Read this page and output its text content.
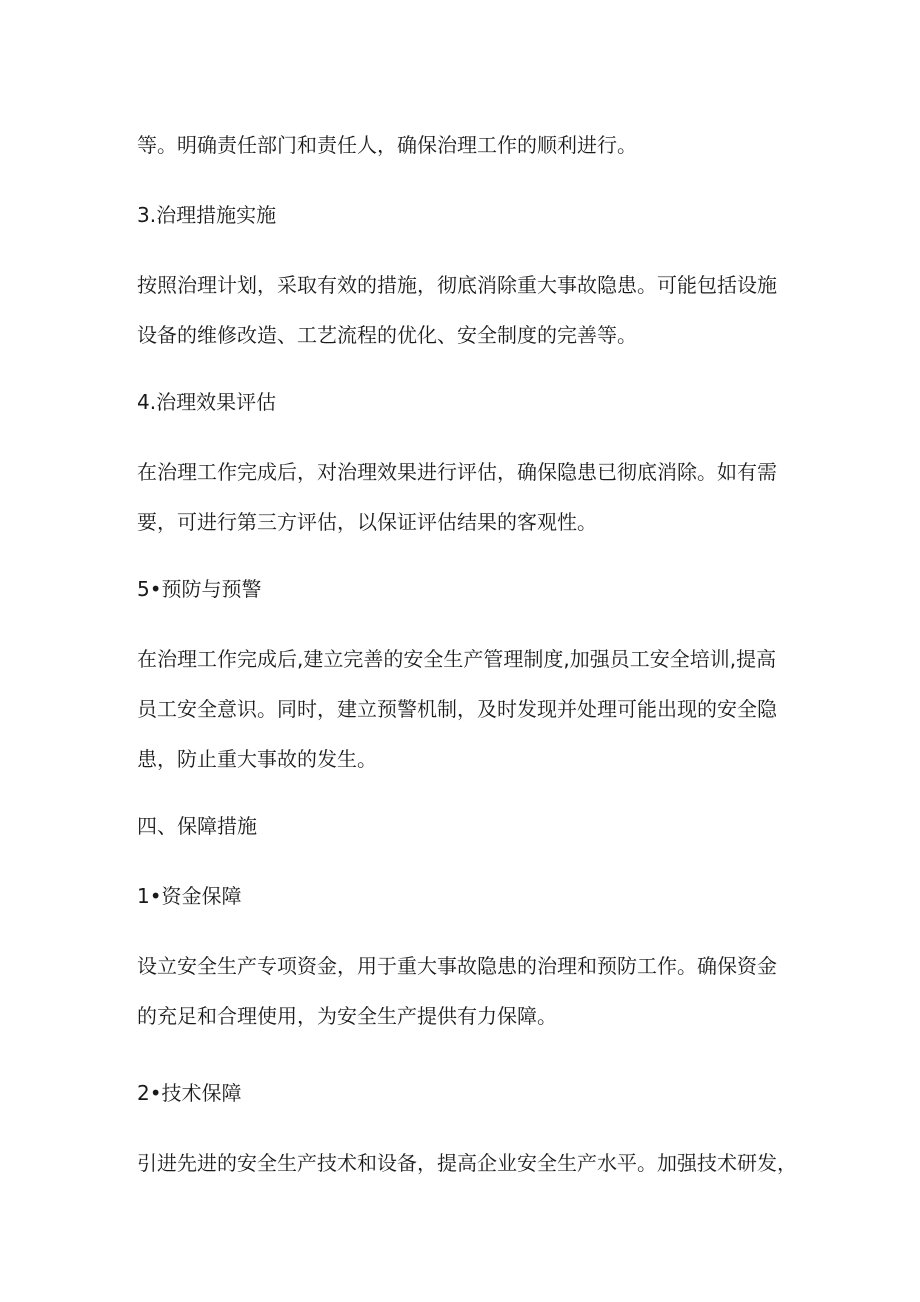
等。明确责任部门和责任人，确保治理工作的顺利进行。

3.治理措施实施

按照治理计划，采取有效的措施，彻底消除重大事故隐患。可能包括设施
设备的维修改造、工艺流程的优化、安全制度的完善等。

4.治理效果评估

在治理工作完成后，对治理效果进行评估，确保隐患已彻底消除。如有需
要，可进行第三方评估，以保证评估结果的客观性。

5•预防与预警

在治理工作完成后,建立完善的安全生产管理制度,加强员工安全培训,提高
员工安全意识。同时，建立预警机制，及时发现并处理可能出现的安全隐
患，防止重大事故的发生。

四、保障措施

1•资金保障

设立安全生产专项资金，用于重大事故隐患的治理和预防工作。确保资金
的充足和合理使用，为安全生产提供有力保障。

2•技术保障

引进先进的安全生产技术和设备，提高企业安全生产水平。加强技术研发，
